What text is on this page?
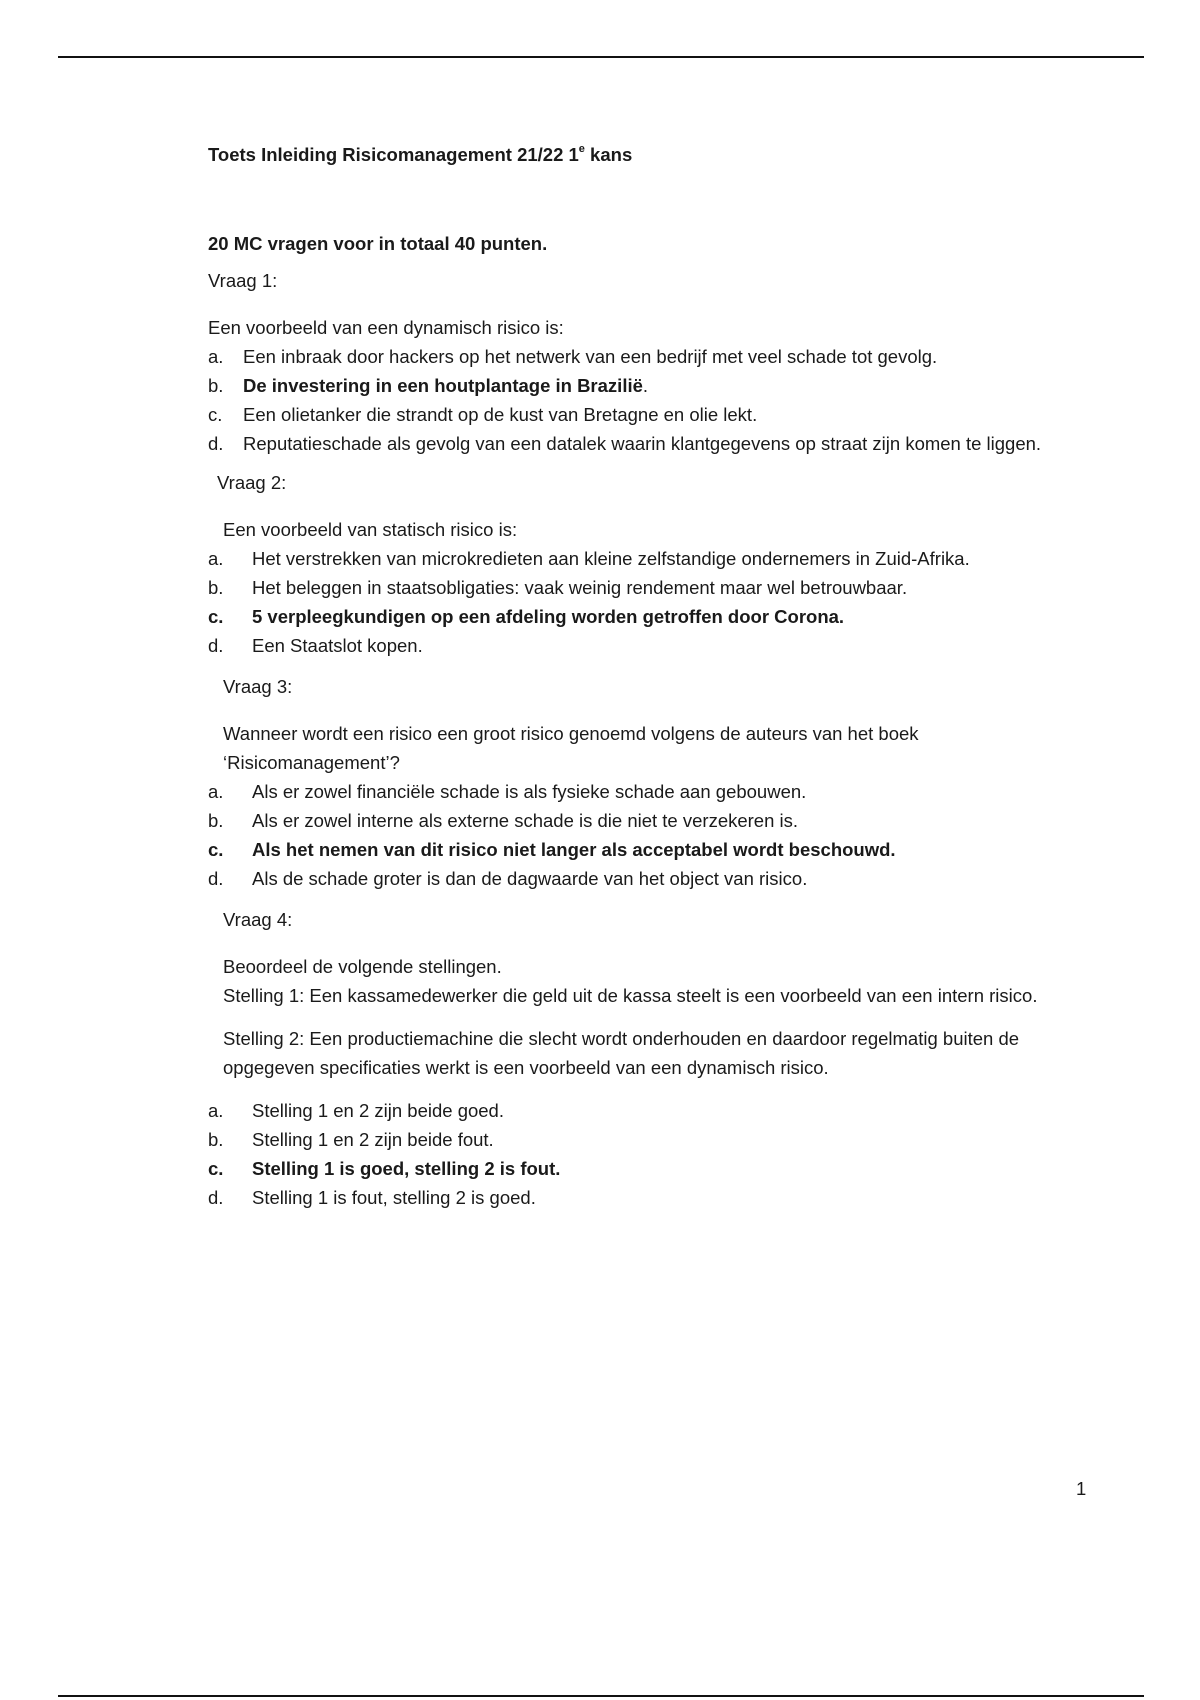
Toets Inleiding Risicomanagement 21/22 1e kans
20 MC vragen voor in totaal 40 punten.
Vraag 1:
Een voorbeeld van een dynamisch risico is:
a.	Een inbraak door hackers op het netwerk van een bedrijf met veel schade tot gevolg.
b.	De investering in een houtplantage in Brazilië.
c.	Een olietanker die strandt op de kust van Bretagne en olie lekt.
d.	Reputatieschade als gevolg van een datalek waarin klantgegevens op straat zijn komen te liggen.
Vraag 2:
Een voorbeeld van statisch risico is:
a.	Het verstrekken van microkredieten aan kleine zelfstandige ondernemers in Zuid-Afrika.
b.	Het beleggen in staatsobligaties: vaak weinig rendement maar wel betrouwbaar.
c.	5 verpleegkundigen op een afdeling worden getroffen door Corona.
d.	Een Staatslot kopen.
Vraag 3:
Wanneer wordt een risico een groot risico genoemd volgens de auteurs van het boek ‘Risicomanagement’?
a.	Als er zowel financiële schade is als fysieke schade aan gebouwen.
b.	Als er zowel interne als externe schade is die niet te verzekeren is.
c.	Als het nemen van dit risico niet langer als acceptabel wordt beschouwd.
d.	Als de schade groter is dan de dagwaarde van het object van risico.
Vraag 4:
Beoordeel de volgende stellingen.
Stelling 1: Een kassamedewerker die geld uit de kassa steelt is een voorbeeld van een intern risico.
Stelling 2: Een productiemachine die slecht wordt onderhouden en daardoor regelmatig buiten de opgegeven specificaties werkt is een voorbeeld van een dynamisch risico.
a.	Stelling 1 en 2 zijn beide goed.
b.	Stelling 1 en 2 zijn beide fout.
c.	Stelling 1 is goed, stelling 2 is fout.
d.	Stelling 1 is fout, stelling 2 is goed.
1
